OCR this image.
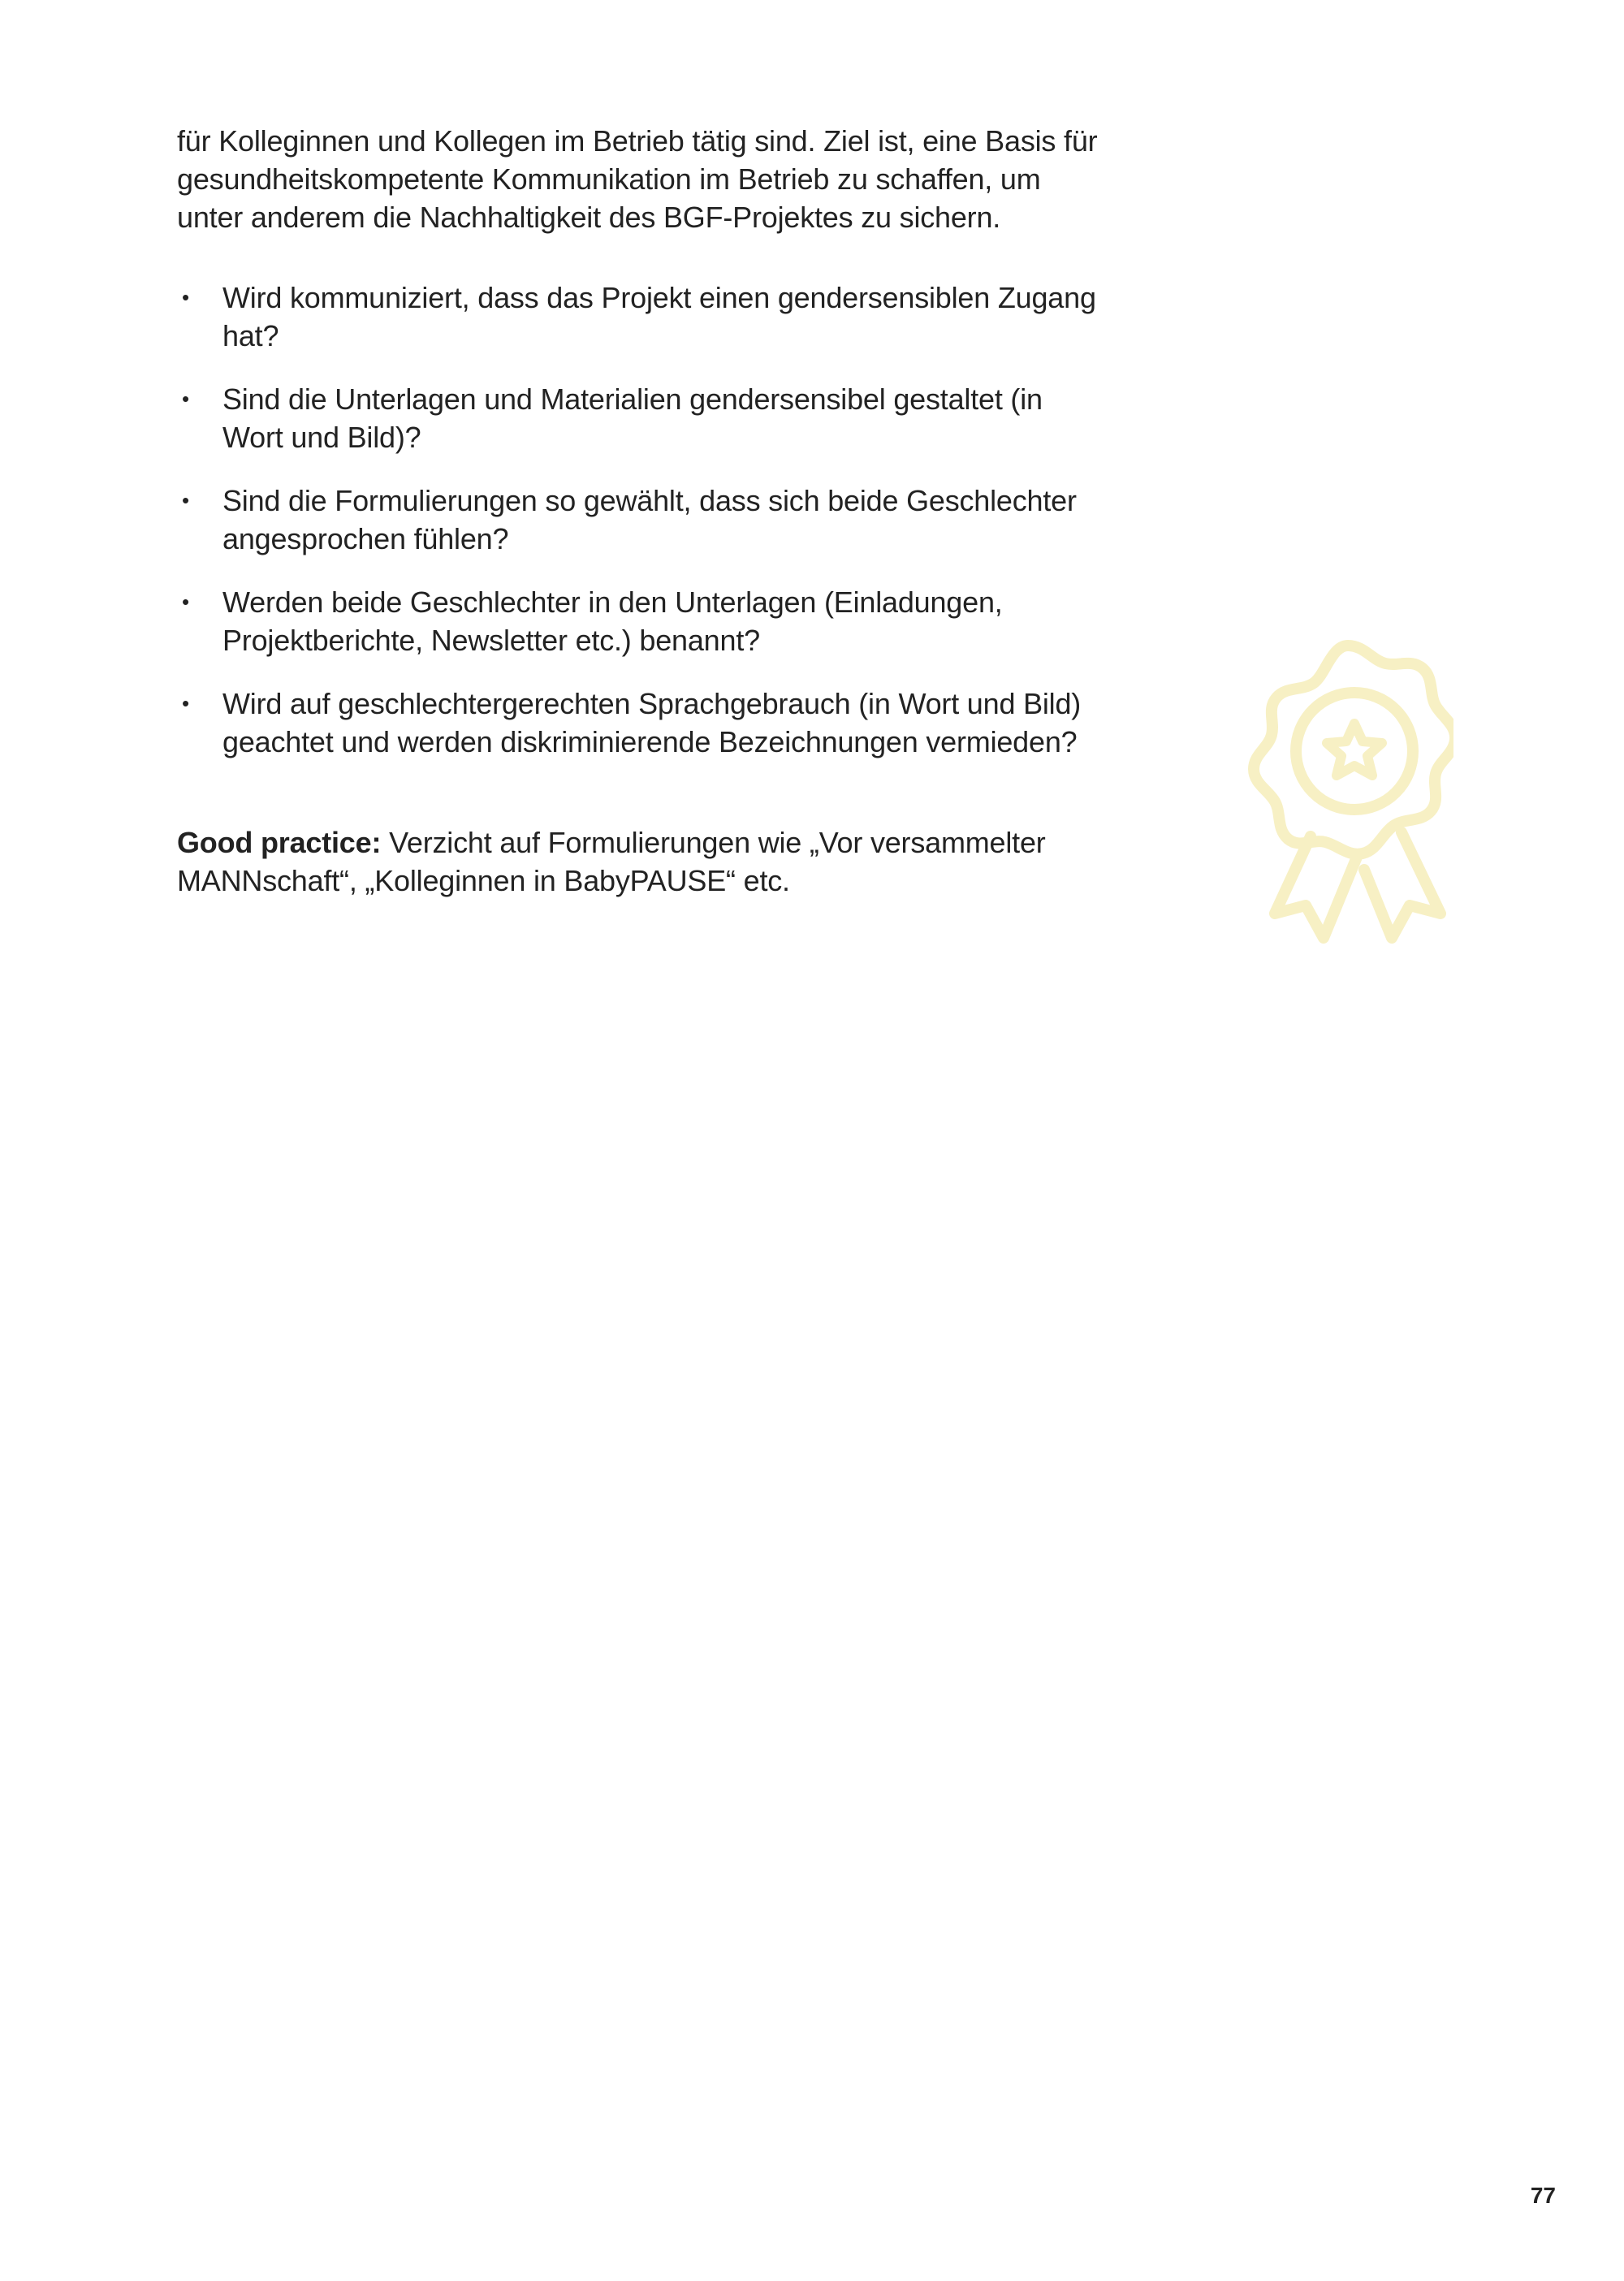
für Kolleginnen und Kollegen im Betrieb tätig sind. Ziel ist, eine Basis für gesundheitskompetente Kommunikation im Betrieb zu schaffen, um unter anderem die Nachhaltigkeit des BGF-Projektes zu sichern.

• Wird kommuniziert, dass das Projekt einen gendersensiblen Zugang hat?
• Sind die Unterlagen und Materialien gendersensibel gestaltet (in Wort und Bild)?
• Sind die Formulierungen so gewählt, dass sich beide Geschlechter angesprochen fühlen?
• Werden beide Geschlechter in den Unterlagen (Einladungen, Projektberichte, Newsletter etc.) benannt?
• Wird auf geschlechtergerechten Sprachgebrauch (in Wort und Bild) geachtet und werden diskriminierende Bezeichnungen vermieden?

Good practice: Verzicht auf Formulierungen wie „Vor versammelter MANNschaft“, „Kolleginnen in BabyPAUSE“ etc.

77
